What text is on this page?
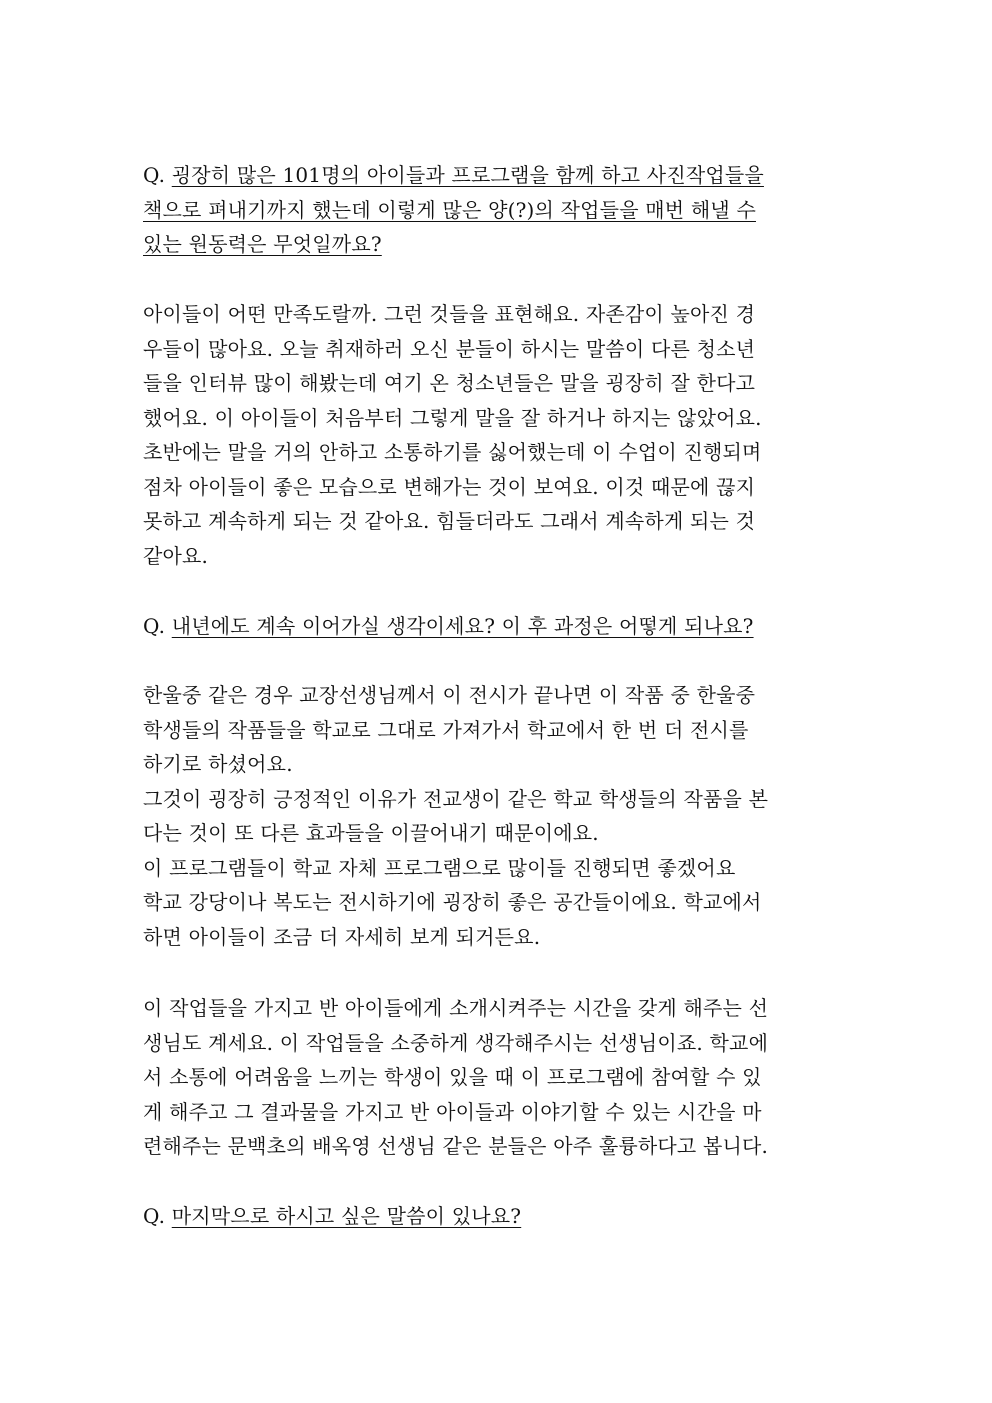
Q. 굉장히 많은 101명의 아이들과 프로그램을 함께 하고 사진작업들을
책으로 펴내기까지 했는데 이렇게 많은 양(?)의 작업들을 매번 해낼 수
있는 원동력은 무엇일까요?
아이들이 어떤 만족도랄까. 그런 것들을 표현해요. 자존감이 높아진 경
우들이 많아요. 오늘 취재하러 오신 분들이 하시는 말씀이 다른 청소년
들을 인터뷰 많이 해봤는데 여기 온 청소년들은 말을 굉장히 잘 한다고
했어요. 이 아이들이 처음부터 그렇게 말을 잘 하거나 하지는 않았어요.
초반에는 말을 거의 안하고 소통하기를 싫어했는데 이 수업이 진행되며
점차 아이들이 좋은 모습으로 변해가는 것이 보여요. 이것 때문에 끊지
못하고 계속하게 되는 것 같아요. 힘들더라도 그래서 계속하게 되는 것
같아요.
Q. 내년에도 계속 이어가실 생각이세요? 이 후 과정은 어떻게 되나요?
한울중 같은 경우 교장선생님께서 이 전시가 끝나면 이 작품 중 한울중
학생들의 작품들을 학교로 그대로 가져가서 학교에서 한 번 더 전시를
하기로 하셨어요.
그것이 굉장히 긍정적인 이유가 전교생이 같은 학교 학생들의 작품을 본
다는 것이 또 다른 효과들을 이끌어내기 때문이에요.
이 프로그램들이 학교 자체 프로그램으로 많이들 진행되면 좋겠어요
학교 강당이나 복도는 전시하기에 굉장히 좋은 공간들이에요. 학교에서
하면 아이들이 조금 더 자세히 보게 되거든요.
이 작업들을 가지고 반 아이들에게 소개시켜주는 시간을 갖게 해주는 선
생님도 계세요. 이 작업들을 소중하게 생각해주시는 선생님이죠. 학교에
서 소통에 어려움을 느끼는 학생이 있을 때 이 프로그램에 참여할 수 있
게 해주고 그 결과물을 가지고 반 아이들과 이야기할 수 있는 시간을 마
련해주는 문백초의 배옥영 선생님 같은 분들은 아주 훌륭하다고 봅니다.
Q. 마지막으로 하시고 싶은 말씀이 있나요?
